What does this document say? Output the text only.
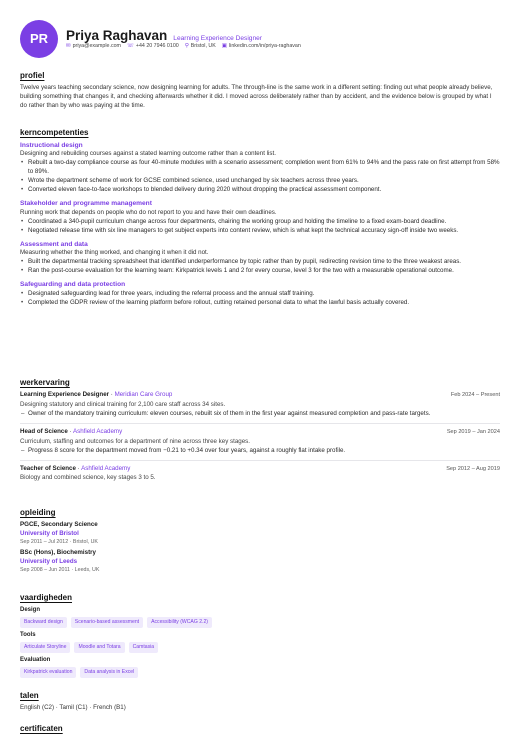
PR	Priya Raghavan Learning Experience Designer
✉ priya@example.com ☏ +44 20 7946 0100 ⚲ Bristol, UK ▣ linkedin.com/in/priya-raghavan
profiel
Twelve years teaching secondary science, now designing learning for adults. The through-line is the same work in a different setting: finding out what people already believe, building something that changes it, and checking afterwards whether it did. I moved across deliberately rather than by accident, and the evidence below is grouped by what I do rather than by who was paying at the time.
kerncompetenties
Instructional design
Designing and rebuilding courses against a stated learning outcome rather than a content list.
• Rebuilt a two-day compliance course as four 40-minute modules with a scenario assessment; completion went from 61% to 94% and the pass rate on first attempt from 58% to 89%.
• Wrote the department scheme of work for GCSE combined science, used unchanged by six teachers across three years.
• Converted eleven face-to-face workshops to blended delivery during 2020 without dropping the practical assessment component.
Stakeholder and programme management
Running work that depends on people who do not report to you and have their own deadlines.
• Coordinated a 340-pupil curriculum change across four departments, chairing the working group and holding the timeline to a fixed exam-board deadline.
• Negotiated release time with six line managers to get subject experts into content review, which is what kept the technical accuracy sign-off inside two weeks.
Assessment and data
Measuring whether the thing worked, and changing it when it did not.
• Built the departmental tracking spreadsheet that identified underperformance by topic rather than by pupil, redirecting revision time to the three weakest areas.
• Ran the post-course evaluation for the learning team: Kirkpatrick levels 1 and 2 for every course, level 3 for the two with a measurable operational outcome.
Safeguarding and data protection
• Designated safeguarding lead for three years, including the referral process and the annual staff training.
• Completed the GDPR review of the learning platform before rollout, cutting retained personal data to what the lawful basis actually covered.
werkervaring
Learning Experience Designer · Meridian Care Group	Feb 2024 – Present
Designing statutory and clinical training for 2,100 care staff across 34 sites.
– Owner of the mandatory training curriculum: eleven courses, rebuilt six of them in the first year against measured completion and pass-rate targets.
Head of Science · Ashfield Academy	Sep 2019 – Jan 2024
Curriculum, staffing and outcomes for a department of nine across three key stages.
– Progress 8 score for the department moved from −0.21 to +0.34 over four years, against a roughly flat intake profile.
Teacher of Science · Ashfield Academy	Sep 2012 – Aug 2019
Biology and combined science, key stages 3 to 5.
opleiding
PGCE, Secondary Science
University of Bristol
Sep 2011 – Jul 2012 · Bristol, UK
BSc (Hons), Biochemistry
University of Leeds
Sep 2008 – Jun 2011 · Leeds, UK
vaardigheden
Design
Backward design	Scenario-based assessment	Accessibility (WCAG 2.2)
Tools
Articulate Storyline	Moodle and Totara	Camtasia
Evaluation
Kirkpatrick evaluation	Data analysis in Excel
talen
English (C2) · Tamil (C1) · French (B1)
certificaten
